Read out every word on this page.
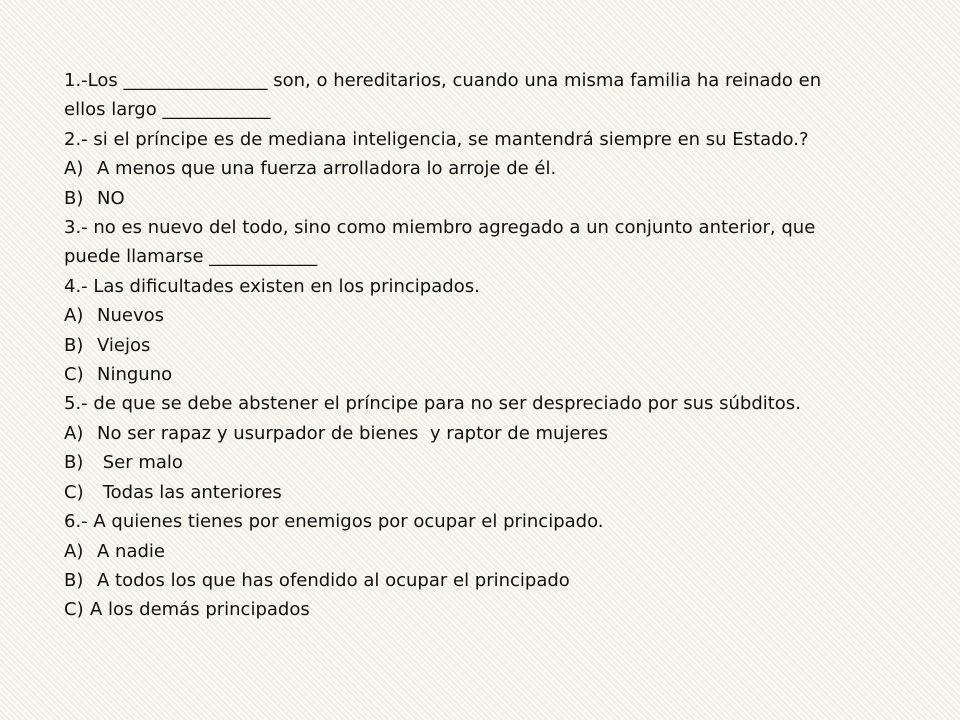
1.-Los ________________ son, o hereditarios, cuando una misma familia ha reinado en ellos largo ____________
2.- si el príncipe es de mediana inteligencia, se mantendrá siempre en su Estado.?
A) A menos que una fuerza arrolladora lo arroje de él.
B) NO
3.- no es nuevo del todo, sino como miembro agregado a un conjunto anterior, que puede llamarse ____________
4.- Las dificultades existen en los principados.
A) Nuevos
B) Viejos
C) Ninguno
5.- de que se debe abstener el príncipe para no ser despreciado por sus súbditos.
A) No ser rapaz y usurpador de bienes  y raptor de mujeres
B) Ser malo
C) Todas las anteriores
6.- A quienes tienes por enemigos por ocupar el principado.
A) A nadie
B) A todos los que has ofendido al ocupar el principado
C) A los demás principados
